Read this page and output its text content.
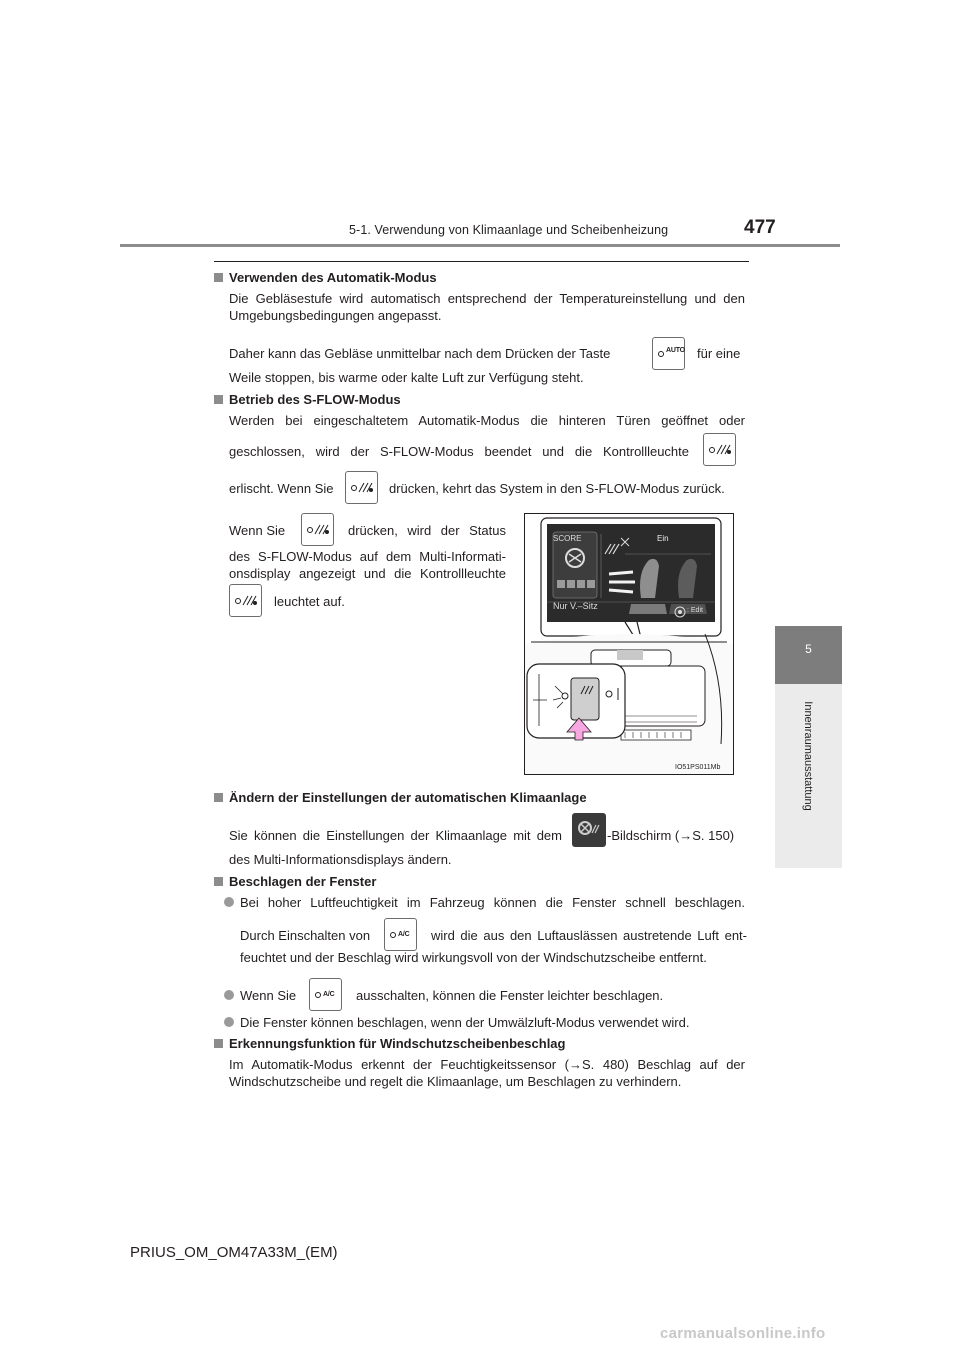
5-1. Verwendung von Klimaanlage und Scheibenheizung	477
5
Innenraumausstattung
Verwenden des Automatik-Modus
Die Gebläsestufe wird automatisch entsprechend der Temperatureinstellung und den Umgebungsbedingungen angepasst.
Daher kann das Gebläse unmittelbar nach dem Drücken der Taste	AUTO für eine
Weile stoppen, bis warme oder kalte Luft zur Verfügung steht.
Betrieb des S-FLOW-Modus
Werden bei eingeschaltetem Automatik-Modus die hinteren Türen geöffnet oder
geschlossen, wird der S-FLOW-Modus beendet und die Kontrollleuchte
erlischt. Wenn Sie	drücken, kehrt das System in den S-FLOW-Modus zurück.
Wenn Sie	drücken, wird der Status
des S-FLOW-Modus auf dem Multi-Informati-
onsdisplay angezeigt und die Kontrollleuchte
leuchtet auf.
SCORE	Ein
Nur V.–Sitz	: Edit
IO51PS011Mb
Ändern der Einstellungen der automatischen Klimaanlage
Sie können die Einstellungen der Klimaanlage mit dem	-Bildschirm (→S. 150)
des Multi-Informationsdisplays ändern.
Beschlagen der Fenster
Bei hoher Luftfeuchtigkeit im Fahrzeug können die Fenster schnell beschlagen.
Durch Einschalten von	A/C wird die aus den Luftauslässen austretende Luft ent-
feuchtet und der Beschlag wird wirkungsvoll von der Windschutzscheibe entfernt.
Wenn Sie	A/C ausschalten, können die Fenster leichter beschlagen.
Die Fenster können beschlagen, wenn der Umwälzluft-Modus verwendet wird.
Erkennungsfunktion für Windschutzscheibenbeschlag
Im Automatik-Modus erkennt der Feuchtigkeitssensor (→S. 480) Beschlag auf der
Windschutzscheibe und regelt die Klimaanlage, um Beschlagen zu verhindern.
PRIUS_OM_OM47A33M_(EM)
carmanualsonline.info
